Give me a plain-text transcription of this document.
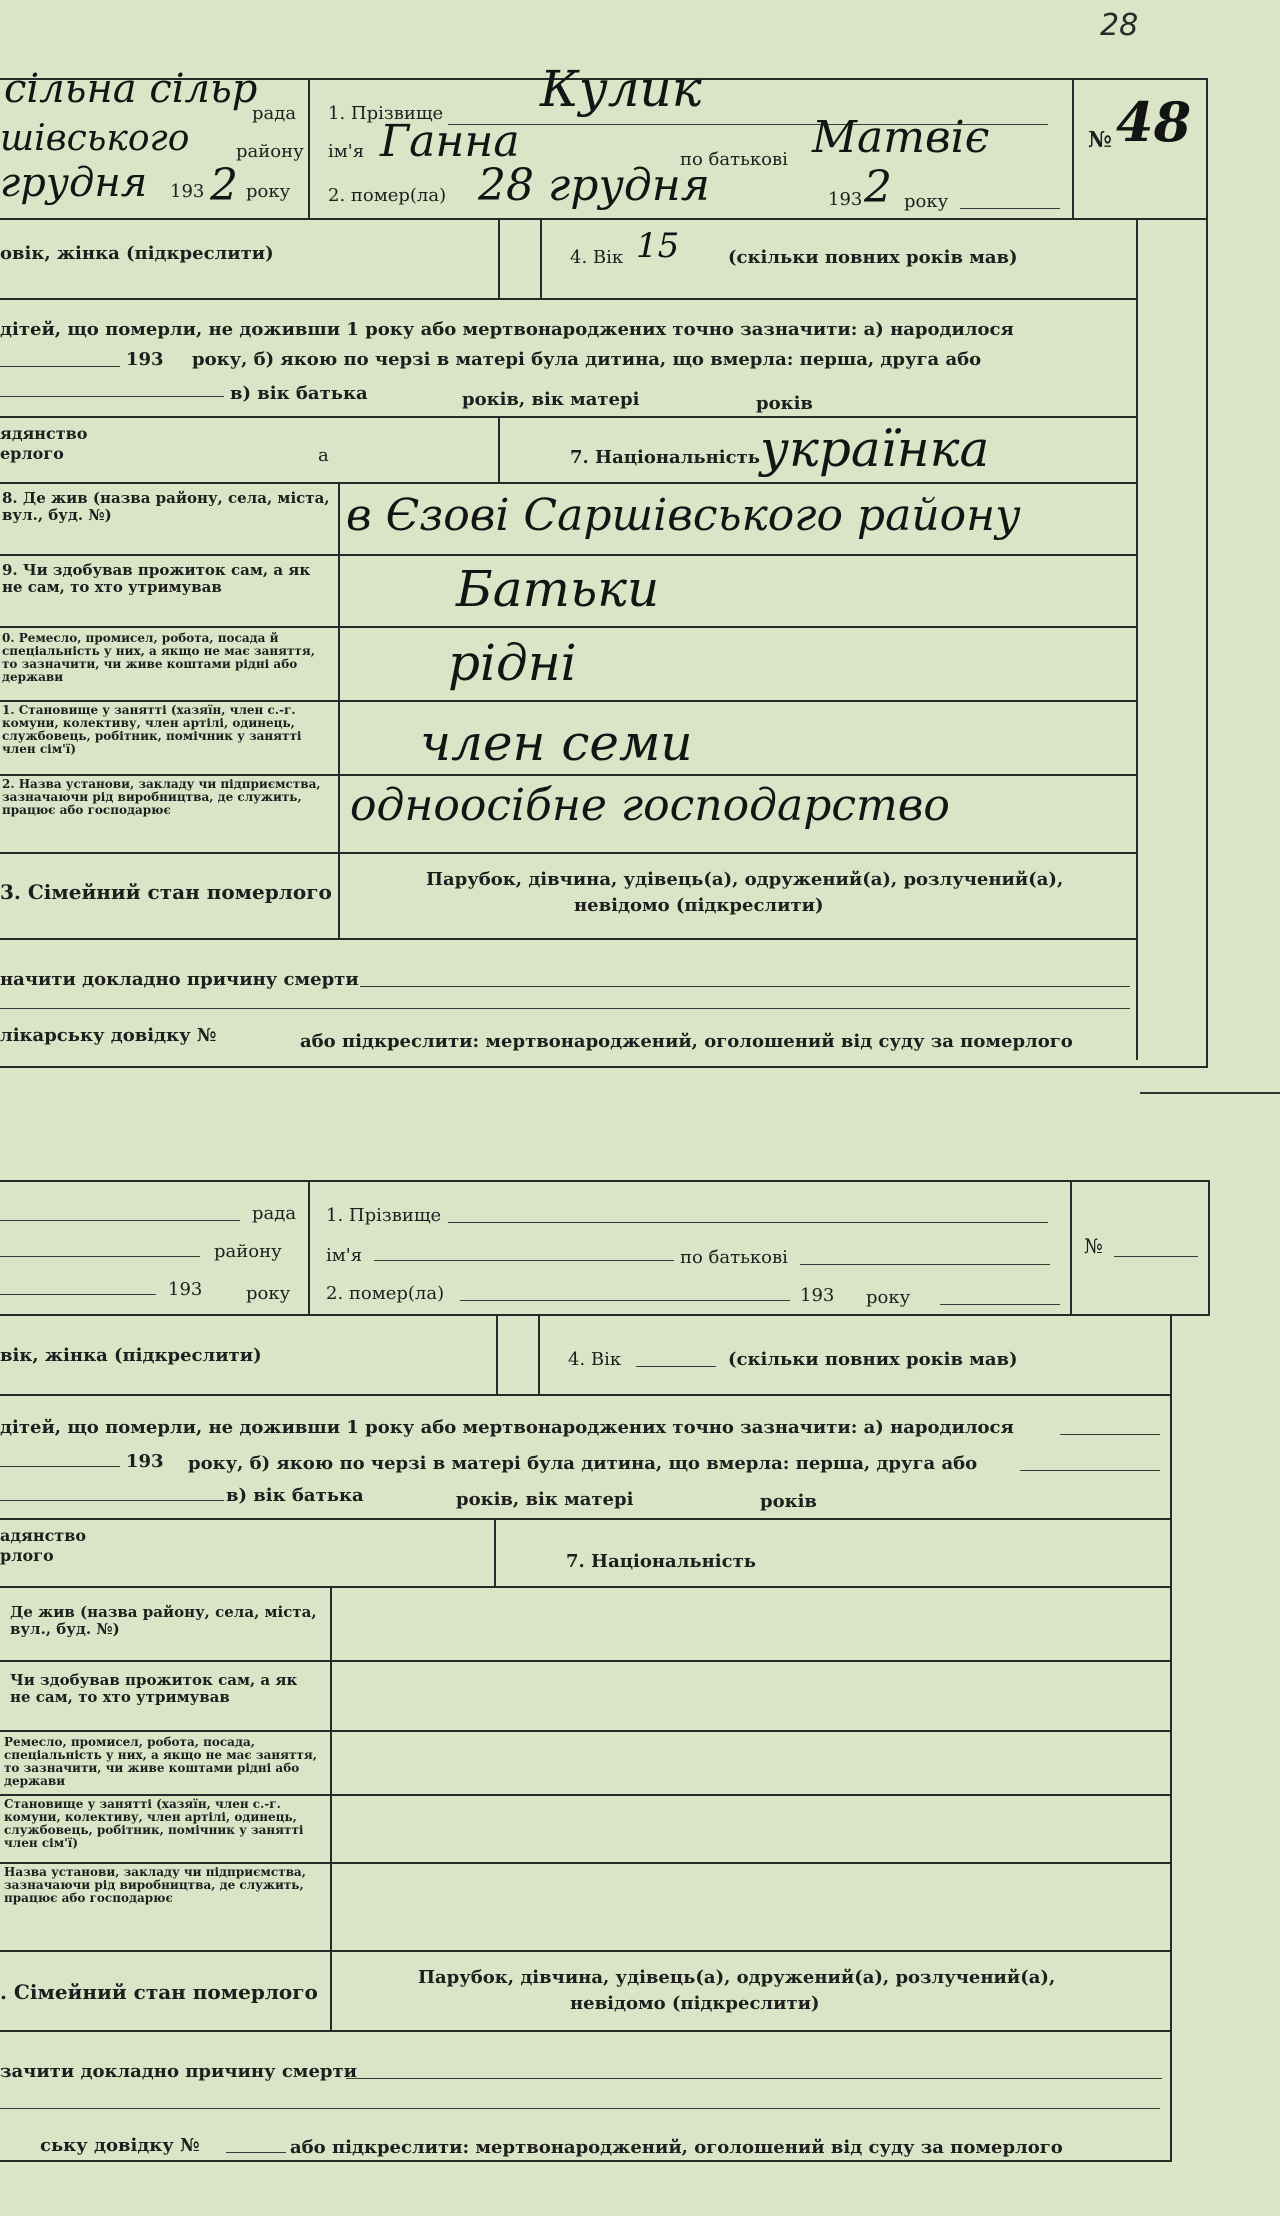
28
сільна сільр
рада
шівського	району
грудня 193 2 року
1. Прізвище Кулик
ім'я Ганна	по батькові Матвіє
2. помер(ла) 28 грудня	193 2 року
№ 48
овік, жінка (підкреслити)	4. Вік 15	(скільки повних років мав)
дітей, що померли, не доживши 1 року або мертвонароджених точно зазначити: а) народилося
193 року, б) якою по черзі в матері була дитина, що вмерла: перша, друга або
в) вік батька	років, вік матері	років
ядянство
ерлого	а	7. Національність українка
8. Де жив (назва району, села, міста, вул., буд. №)	в Єзові Саршівського району
9. Чи здобував прожиток сам, а як не сам, то хто утримував	Батьки
0. Ремесло, промисел, робота, посада й спеціальність у них, а якщо не має заняття, то зазначити, чи живе коштами рідні або держави	рідні
1. Становище у занятті (хазяїн, член с.-г. комуни, колективу, член артілі, одинець, службовець, робітник, помічник у занятті член сім'ї)	член семи
2. Назва установи, закладу чи підприємства, зазначаючи рід виробництва, де служить, працює або господарює	одноосібне господарство
3. Сімейний стан померлого
Парубок, дівчина, удівець(а), одружений(а), розлучений(а),
невідомо (підкреслити)
начити докладно причину смерти
лікарську довідку №	або підкреслити: мертвонароджений, оголошений від суду за померлого
рада
району
193 року
1. Прізвище
ім'я	по батькові
2. помер(ла)	193 року
№
вік, жінка (підкреслити)	4. Вік	(скільки повних років мав)
дітей, що померли, не доживши 1 року або мертвонароджених точно зазначити: а) народилося
193 року, б) якою по черзі в матері була дитина, що вмерла: перша, друга або
в) вік батька	років, вік матері	років
адянство
рлого	7. Національність
Де жив (назва району, села, міста, вул., буд. №)
Чи здобував прожиток сам, а як не сам, то хто утримував
Ремесло, промисел, робота, посада, спеціальність у них, а якщо не має заняття, то зазначити, чи живе коштами рідні або держави
Становище у занятті (хазяїн, член с.-г. комуни, колективу, член артілі, одинець, службовець, робітник, помічник у занятті член сім'ї)
Назва установи, закладу чи підприємства, зазначаючи рід виробництва, де служить, працює або господарює
. Сімейний стан померлого
Парубок, дівчина, удівець(а), одружений(а), розлучений(а),
невідомо (підкреслити)
зачити докладно причину смерти
ську довідку №	або підкреслити: мертвонароджений, оголошений від суду за померлого
